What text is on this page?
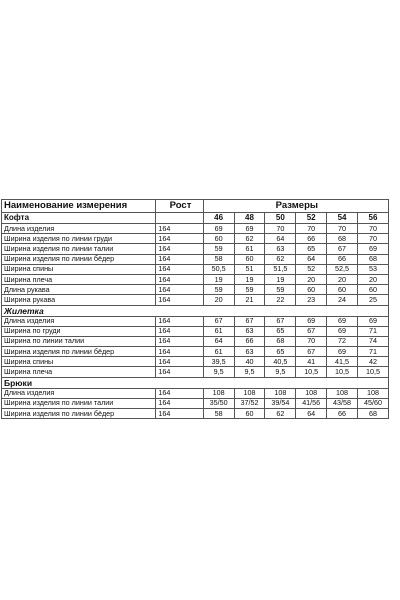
Наименование измерения	Рост	Размеры					
Кофта		46	48	50	52	54	56
Длина изделия	164	69	69	70	70	70	70
Ширина изделия по линии груди	164	60	62	64	66	68	70
Ширина изделия по линии талии	164	59	61	63	65	67	69
Ширина изделия по линии бёдер	164	58	60	62	64	66	68
Ширина спины	164	50,5	51	51,5	52	52,5	53
Ширина плеча	164	19	19	19	20	20	20
Длина рукава	164	59	59	59	60	60	60
Ширина рукава	164	20	21	22	23	24	25
Жилетка							
Длина изделия	164	67	67	67	69	69	69
Ширина по груди	164	61	63	65	67	69	71
Ширина по линии талии	164	64	66	68	70	72	74
Ширина изделия по линии бёдер	164	61	63	65	67	69	71
Ширина спины	164	39,5	40	40,5	41	41,5	42
Ширина плеча	164	9,5	9,5	9,5	10,5	10,5	10,5
Брюки							
Длина изделия	164	108	108	108	108	108	108
Ширина изделия по линии талии	164	35/50	37/52	39/54	41/56	43/58	45/60
Ширина изделия по линии бёдер	164	58	60	62	64	66	68
